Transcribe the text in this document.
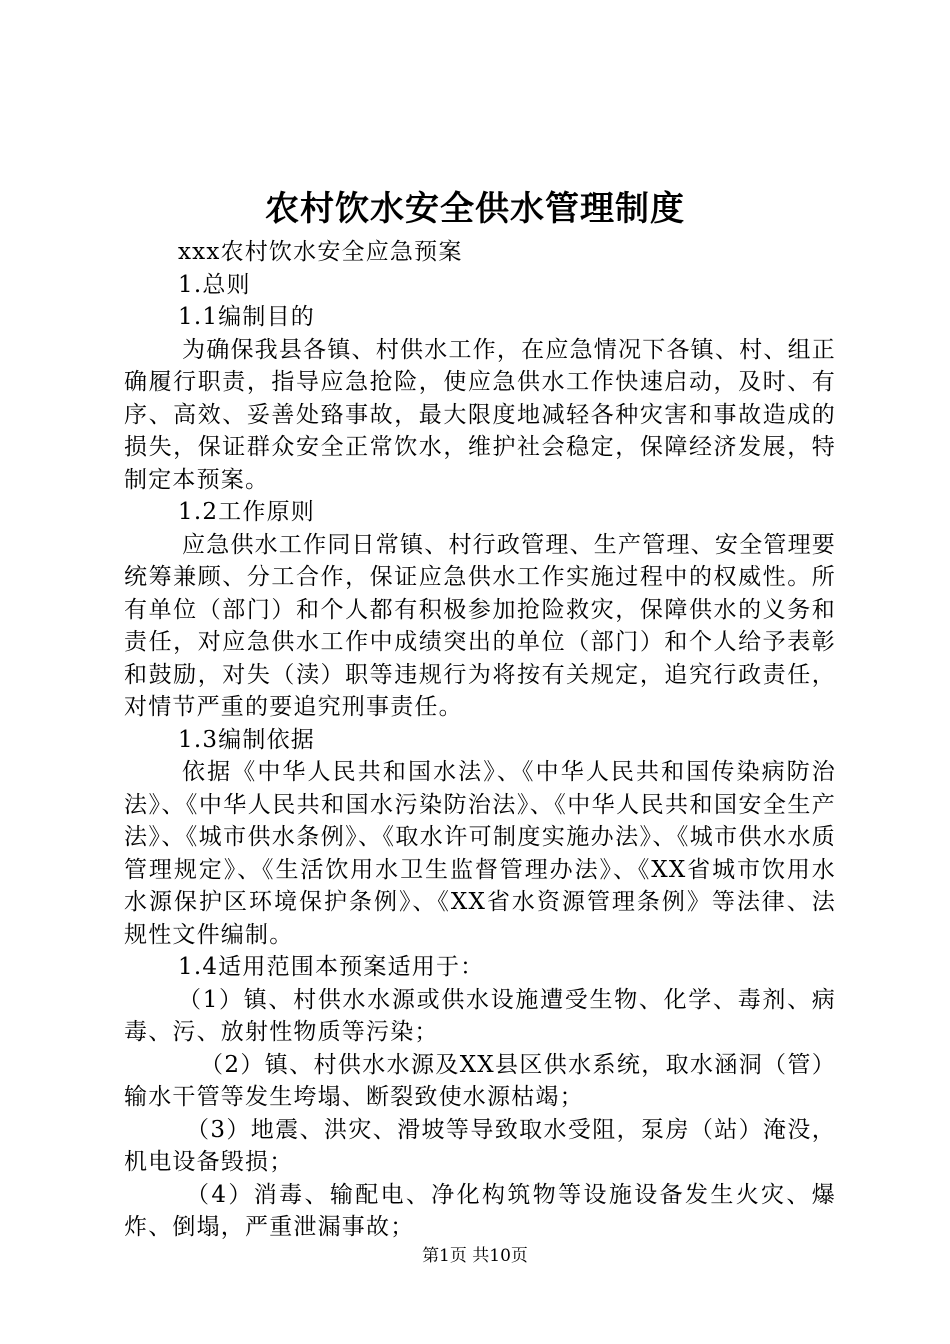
农村饮水安全供水管理制度

xxx农村饮水安全应急预案

1.总则

1.1编制目的

为确保我县各镇、村供水工作，在应急情况下各镇、村、组正确履行职责，指导应急抢险，使应急供水工作快速启动，及时、有序、高效、妥善处臵事故，最大限度地减轻各种灾害和事故造成的损失，保证群众安全正常饮水，维护社会稳定，保障经济发展，特制定本预案。

1.2工作原则

应急供水工作同日常镇、村行政管理、生产管理、安全管理要统筹兼顾、分工合作，保证应急供水工作实施过程中的权威性。所有单位（部门）和个人都有积极参加抢险救灾，保障供水的义务和责任，对应急供水工作中成绩突出的单位（部门）和个人给予表彰和鼓励，对失（渎）职等违规行为将按有关规定，追究行政责任，对情节严重的要追究刑事责任。

1.3编制依据

依据《中华人民共和国水法》、《中华人民共和国传染病防治法》、《中华人民共和国水污染防治法》、《中华人民共和国安全生产法》、《城市供水条例》、《取水许可制度实施办法》、《城市供水水质管理规定》、《生活饮用水卫生监督管理办法》、《XX省城市饮用水水源保护区环境保护条例》、《XX省水资源管理条例》等法律、法规性文件编制。

1.4适用范围本预案适用于：

（1）镇、村供水水源或供水设施遭受生物、化学、毒剂、病毒、污、放射性物质等污染；

（2）镇、村供水水源及XX县区供水系统，取水涵洞（管）输水干管等发生垮塌、断裂致使水源枯竭；

（3）地震、洪灾、滑坡等导致取水受阻，泵房（站）淹没，机电设备毁损；

（4）消毒、输配电、净化构筑物等设施设备发生火灾、爆炸、倒塌，严重泄漏事故；

第1页 共10页
